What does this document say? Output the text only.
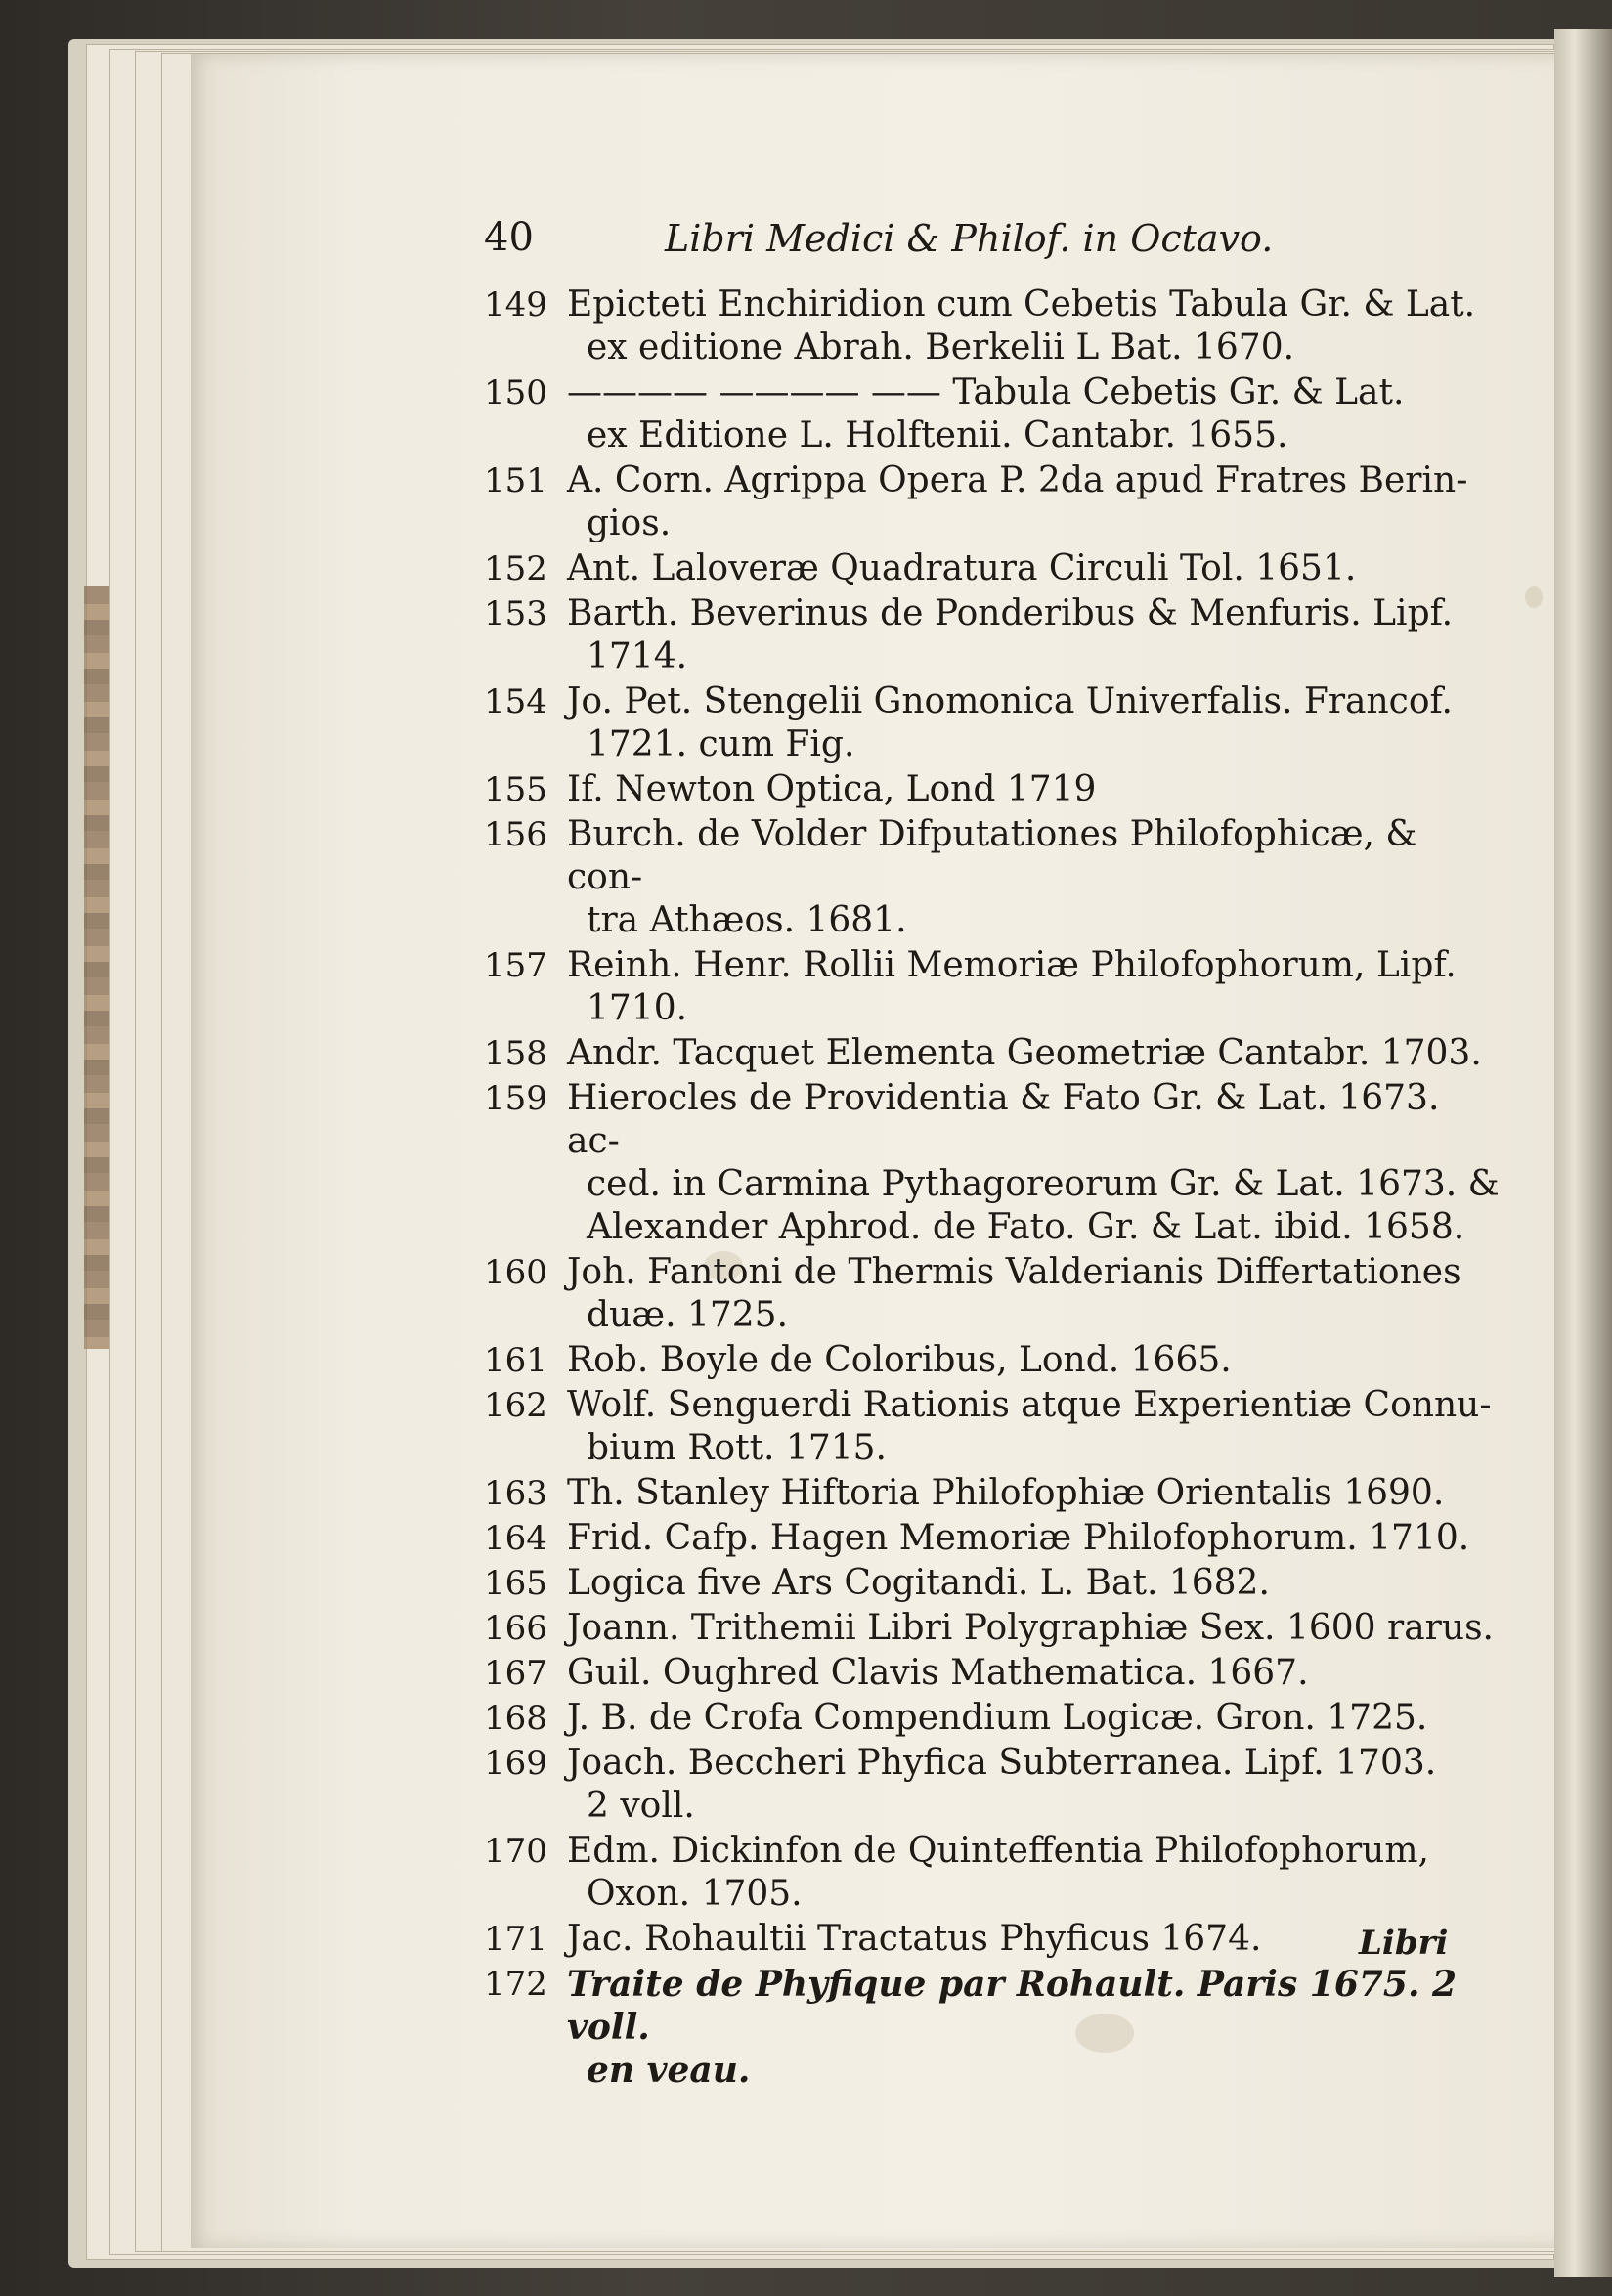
40	Libri Medici & Philof. in Octavo.
149 Epicteti Enchiridion cum Cebetis Tabula Gr. & Lat.
ex editione Abrah. Berkelii L Bat. 1670.
150 ———— ———— —— Tabula Cebetis Gr. & Lat.
ex Editione L. Holftenii. Cantabr. 1655.
151 A. Corn. Agrippa Opera P. 2da apud Fratres Berin-
gios.
152 Ant. Laloveræ Quadratura Circuli Tol. 1651.
153 Barth. Beverinus de Ponderibus & Menfuris. Lipf.
1714.
154 Jo. Pet. Stengelii Gnomonica Univerfalis. Francof.
1721. cum Fig.
155 If. Newton Optica, Lond 1719
156 Burch. de Volder Difputationes Philofophicæ, & con-
tra Athæos. 1681.
157 Reinh. Henr. Rollii Memoriæ Philofophorum, Lipf.
1710.
158 Andr. Tacquet Elementa Geometriæ Cantabr. 1703.
159 Hierocles de Providentia & Fato Gr. & Lat. 1673. ac-
ced. in Carmina Pythagoreorum Gr. & Lat. 1673. &
Alexander Aphrod. de Fato. Gr. & Lat. ibid. 1658.
160 Joh. Fantoni de Thermis Valderianis Differtationes
duæ. 1725.
161 Rob. Boyle de Coloribus, Lond. 1665.
162 Wolf. Senguerdi Rationis atque Experientiæ Connu-
bium Rott. 1715.
163 Th. Stanley Hiftoria Philofophiæ Orientalis 1690.
164 Frid. Cafp. Hagen Memoriæ Philofophorum. 1710.
165 Logica five Ars Cogitandi. L. Bat. 1682.
166 Joann. Trithemii Libri Polygraphiæ Sex. 1600 rarus.
167 Guil. Oughred Clavis Mathematica. 1667.
168 J. B. de Crofa Compendium Logicæ. Gron. 1725.
169 Joach. Beccheri Phyfica Subterranea. Lipf. 1703.
2 voll.
170 Edm. Dickinfon de Quinteffentia Philofophorum,
Oxon. 1705.
171 Jac. Rohaultii Tractatus Phyficus 1674.
172 Traite de Phyfique par Rohault. Paris 1675. 2 voll.
en veau.
Libri
